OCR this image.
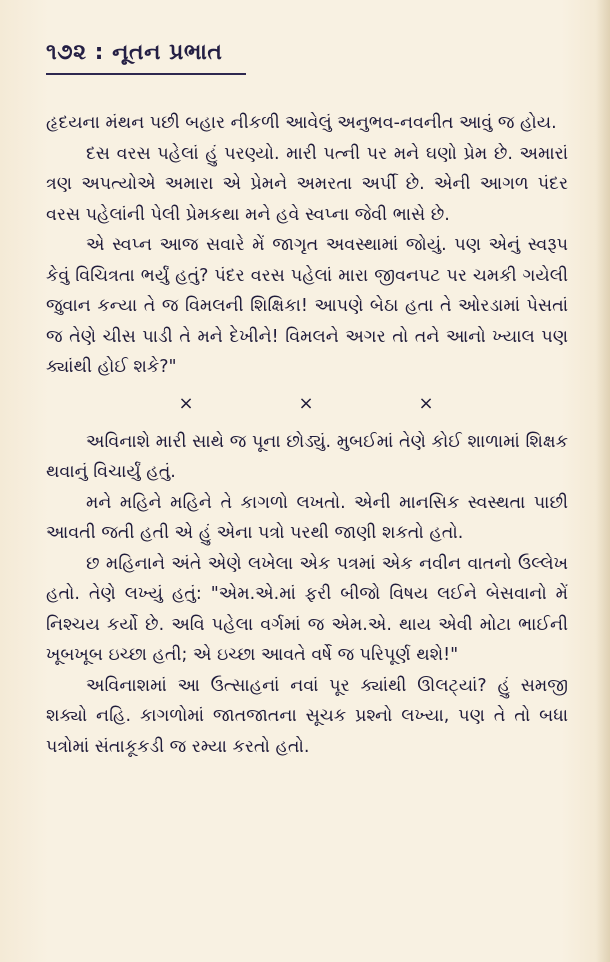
૧૭૨ : નૂતન પ્રભાત

હૃદયના મંથન પછી બહાર નીકળી આવેલું અનુભવ-નવનીત આવું જ હોય.

દસ વરસ પહેલાં હું પરણ્યો. મારી પત્ની પર મને ઘણો પ્રેમ છે. અમારાં ત્રણ અપત્યોએ અમારા એ પ્રેમને અમરતા અર્પી છે. એની આગળ પંદર વરસ પહેલાંની પેલી પ્રેમકથા મને હવે સ્વપ્ના જેવી ભાસે છે.

એ સ્વપ્ન આજ સવારે મેં જાગૃત અવસ્થામાં જોયું. પણ એનું સ્વરૂપ કેવું વિચિત્રતા ભર્યું હતું? પંદર વરસ પહેલાં મારા જીવનપટ પર ચમકી ગયેલી જુવાન કન્યા તે જ વિમલની શિક્ષિકા! આપણે બેઠા હતા તે ઓરડામાં પેસતાં જ તેણે ચીસ પાડી તે મને દેખીને! વિમલને અગર તો તને આનો ખ્યાલ પણ ક્યાંથી હોઈ શકે?"

×	×	×

અવિનાશે મારી સાથે જ પૂના છોડ્યું. મુબઈમાં તેણે કોઈ શાળામાં શિક્ષક થવાનું વિચાર્યું હતું.

મને મહિને મહિને તે કાગળો લખતો. એની માનસિક સ્વસ્થતા પાછી આવતી જતી હતી એ હું એના પત્રો પરથી જાણી શકતો હતો.

છ મહિનાને અંતે એણે લખેલા એક પત્રમાં એક નવીન વાતનો ઉલ્લેખ હતો. તેણે લખ્યું હતું: "એમ.એ.માં ફરી બીજો વિષય લઈને બેસવાનો મેં નિશ્ચય કર્યો છે. અવિ પહેલા વર્ગમાં જ એમ.એ. થાય એવી મોટા ભાઈની ખૂબખૂબ ઇચ્છા હતી; એ ઇચ્છા આવતે વર્ષે જ પરિપૂર્ણ થશે!"

અવિનાશમાં આ ઉત્સાહનાં નવાં પૂર ક્યાંથી ઊલટ્યાં? હું સમજી શક્યો નહિ. કાગળોમાં જાતજાતના સૂચક પ્રશ્નો લખ્યા, પણ તે તો બધા પત્રોમાં સંતાકૂકડી જ રમ્યા કરતો હતો.
